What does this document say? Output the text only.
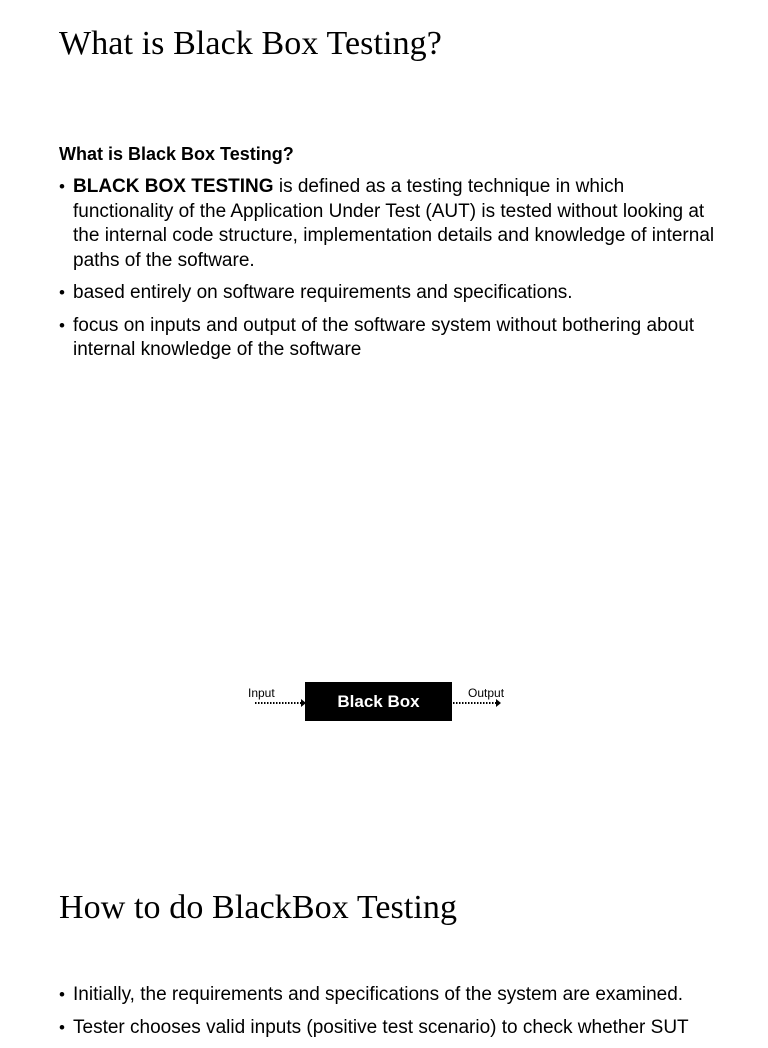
What is Black Box Testing?
What is Black Box Testing?
• BLACK BOX TESTING is defined as a testing technique in which functionality of the Application Under Test (AUT) is tested without looking at the internal code structure, implementation details and knowledge of internal paths of the software.
• based entirely on software requirements and specifications.
• focus on inputs and output of the software system without bothering about internal knowledge of the software
Input	Black Box	Output
How to do BlackBox Testing
• Initially, the requirements and specifications of the system are examined.
• Tester chooses valid inputs (positive test scenario) to check whether SUT
